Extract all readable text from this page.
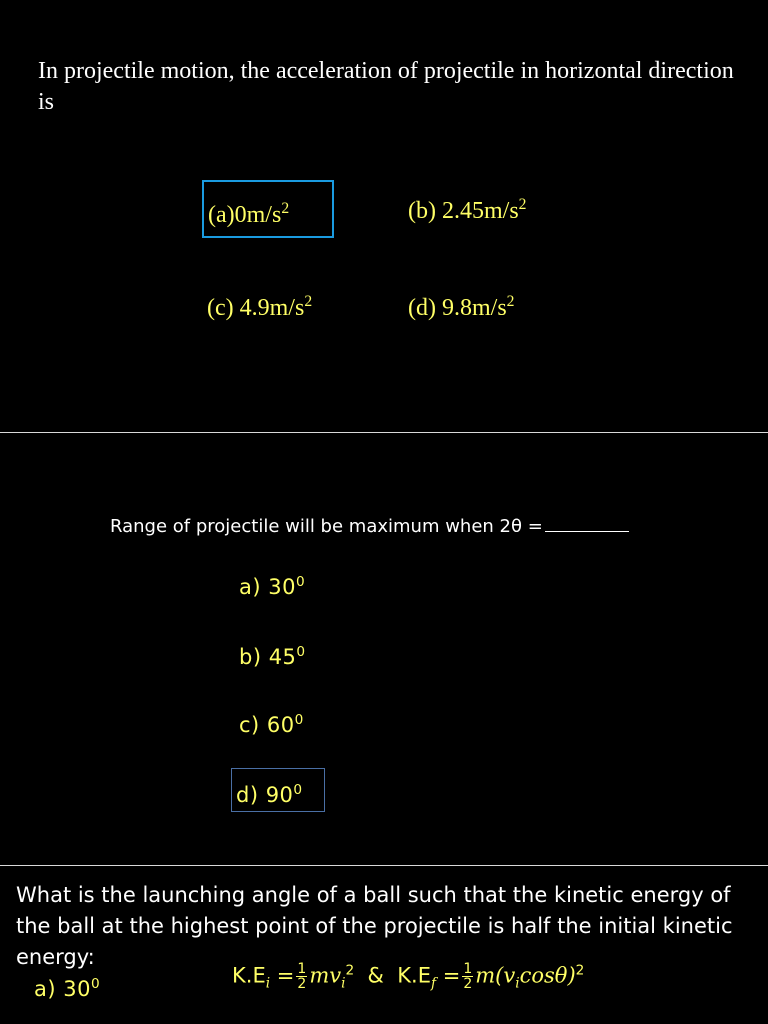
In projectile motion, the acceleration of projectile in horizontal direction is
$(a)0m/s^2$	(b) $2.45m/s^2$
(c) $4.9m/s^2$	(d) $9.8m/s^2$
Range of projectile will be maximum when 2θ =
a) $30^0$
b) $45^0$
c) $60^0$
d) $90^0$
What is the launching angle of a ball such that the kinetic energy of the ball at the highest point of the projectile is half the initial kinetic energy:
a) $30^0$	$K.E_i = \frac{1}{2} mv_i^2$ & $K.E_f = \frac{1}{2} m(v_i\cos\theta)^2$
